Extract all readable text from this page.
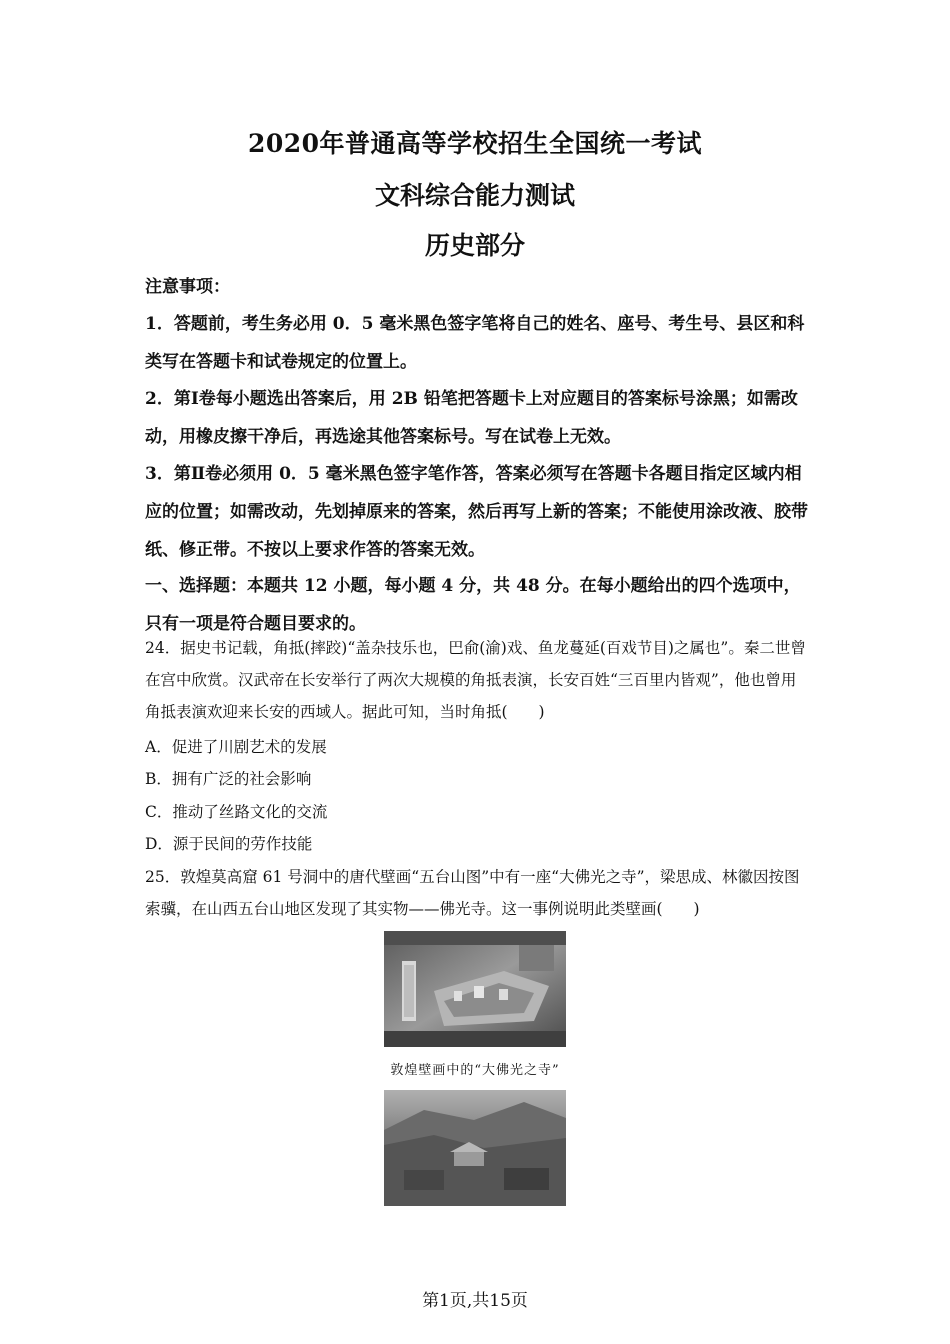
2020年普通高等学校招生全国统一考试
文科综合能力测试
历史部分
注意事项：
1．答题前，考生务必用 0．5 毫米黑色签字笔将自己的姓名、座号、考生号、县区和科类写在答题卡和试卷规定的位置上。
2．第Ⅰ卷每小题选出答案后，用 2B 铅笔把答题卡上对应题目的答案标号涂黑；如需改动，用橡皮擦干净后，再选途其他答案标号。写在试卷上无效。
3．第Ⅱ卷必须用 0．5 毫米黑色签字笔作答，答案必须写在答题卡各题目指定区域内相应的位置；如需改动，先划掉原来的答案，然后再写上新的答案；不能使用涂改液、胶带纸、修正带。不按以上要求作答的答案无效。
一、选择题：本题共 12 小题，每小题 4 分，共 48 分。在每小题给出的四个选项中，只有一项是符合题目要求的。
24．据史书记载，角抵(摔跤)“盖杂技乐也，巴俞(渝)戏、鱼龙蔓延(百戏节目)之属也”。秦二世曾在宫中欣赏。汉武帝在长安举行了两次大规模的角抵表演，长安百姓“三百里内皆观”，他也曾用角抵表演欢迎来长安的西域人。据此可知，当时角抵(　　)
A．促进了川剧艺术的发展
B．拥有广泛的社会影响
C．推动了丝路文化的交流
D．源于民间的劳作技能
25．敦煌莫高窟 61 号洞中的唐代壁画“五台山图”中有一座“大佛光之寺”，梁思成、林徽因按图索骥，在山西五台山地区发现了其实物——佛光寺。这一事例说明此类壁画(　　)
敦煌壁画中的“大佛光之寺”
第1页,共15页
